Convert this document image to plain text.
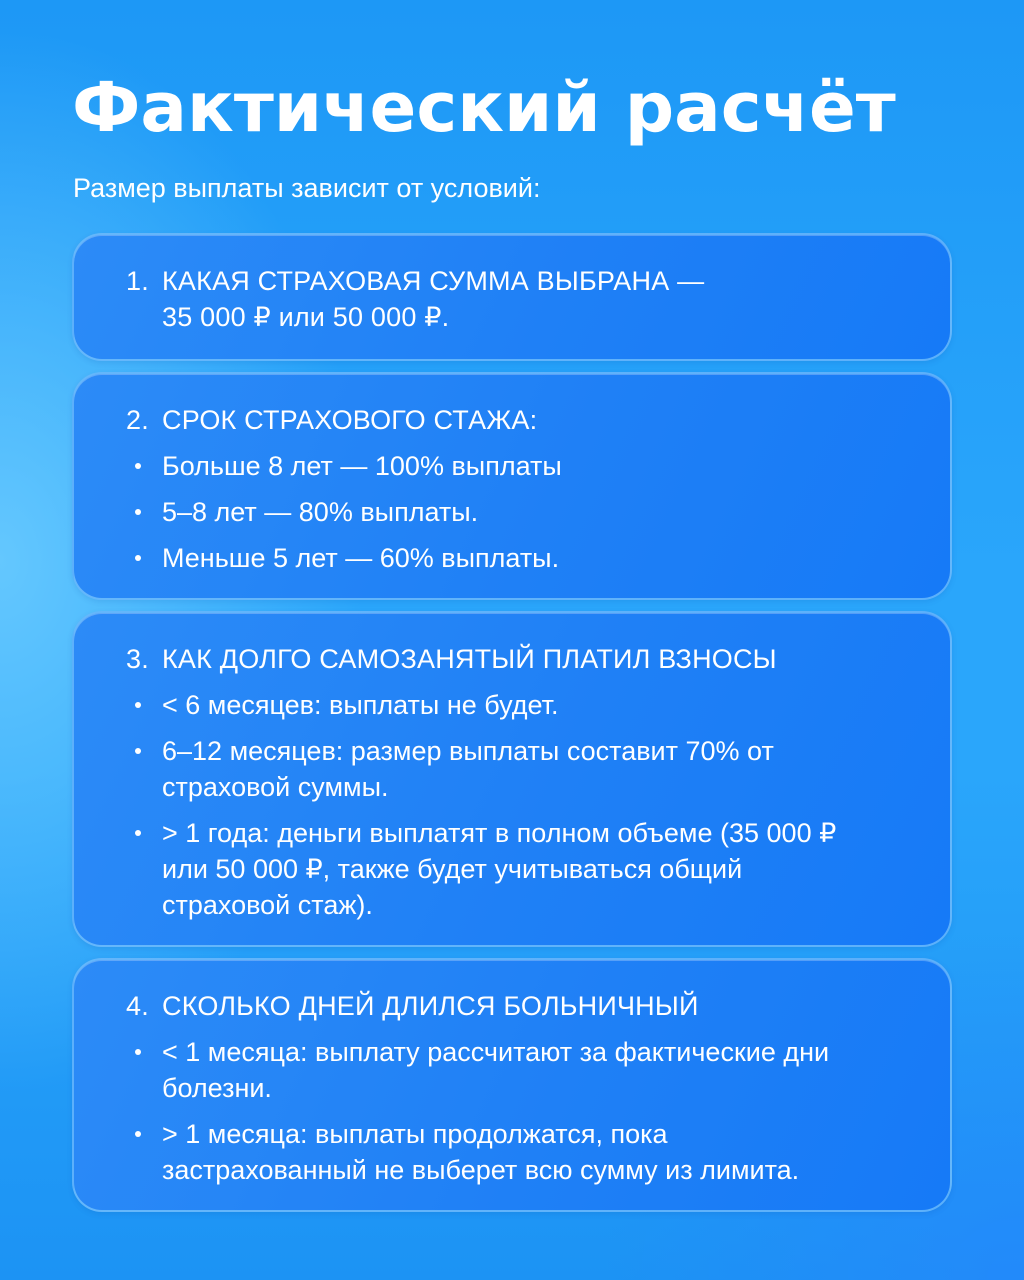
Фактический расчёт
Размер выплаты зависит от условий:
1. КАКАЯ СТРАХОВАЯ СУММА ВЫБРАНА — 35 000 ₽ или 50 000 ₽.
2. СРОК СТРАХОВОГО СТАЖА:
Больше 8 лет — 100% выплаты
5–8 лет — 80% выплаты.
Меньше 5 лет — 60% выплаты.
3. КАК ДОЛГО САМОЗАНЯТЫЙ ПЛАТИЛ ВЗНОСЫ
< 6 месяцев: выплаты не будет.
6–12 месяцев: размер выплаты составит 70% от страховой суммы.
> 1 года: деньги выплатят в полном объеме (35 000 ₽ или 50 000 ₽, также будет учитываться общий страховой стаж).
4. СКОЛЬКО ДНЕЙ ДЛИЛСЯ БОЛЬНИЧНЫЙ
< 1 месяца: выплату рассчитают за фактические дни болезни.
> 1 месяца: выплаты продолжатся, пока застрахованный не выберет всю сумму из лимита.
